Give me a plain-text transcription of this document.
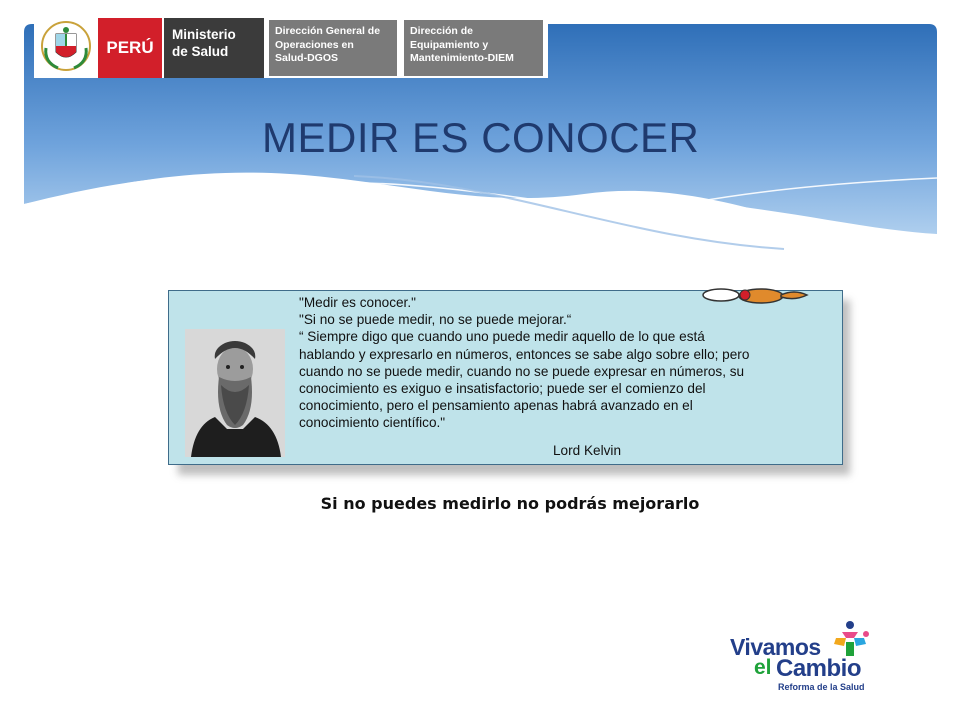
PERÚ
Ministerio
de Salud
Dirección General de
Operaciones en
Salud-DGOS
Dirección de
Equipamiento y
Mantenimiento-DIEM
MEDIR ES CONOCER
"Medir es conocer."
"Si no se puede medir, no se puede mejorar.“
“ Siempre digo que cuando uno puede medir aquello de lo que está
hablando y expresarlo en números, entonces se sabe algo sobre ello; pero
cuando no se puede medir, cuando no se puede expresar en números, su
conocimiento es exiguo e insatisfactorio; puede ser el comienzo del
conocimiento, pero el pensamiento apenas habrá avanzado en el
conocimiento científico."
Lord Kelvin
Si no puedes medirlo no podrás mejorarlo
Vivamos
el Cambio
Reforma de la Salud
